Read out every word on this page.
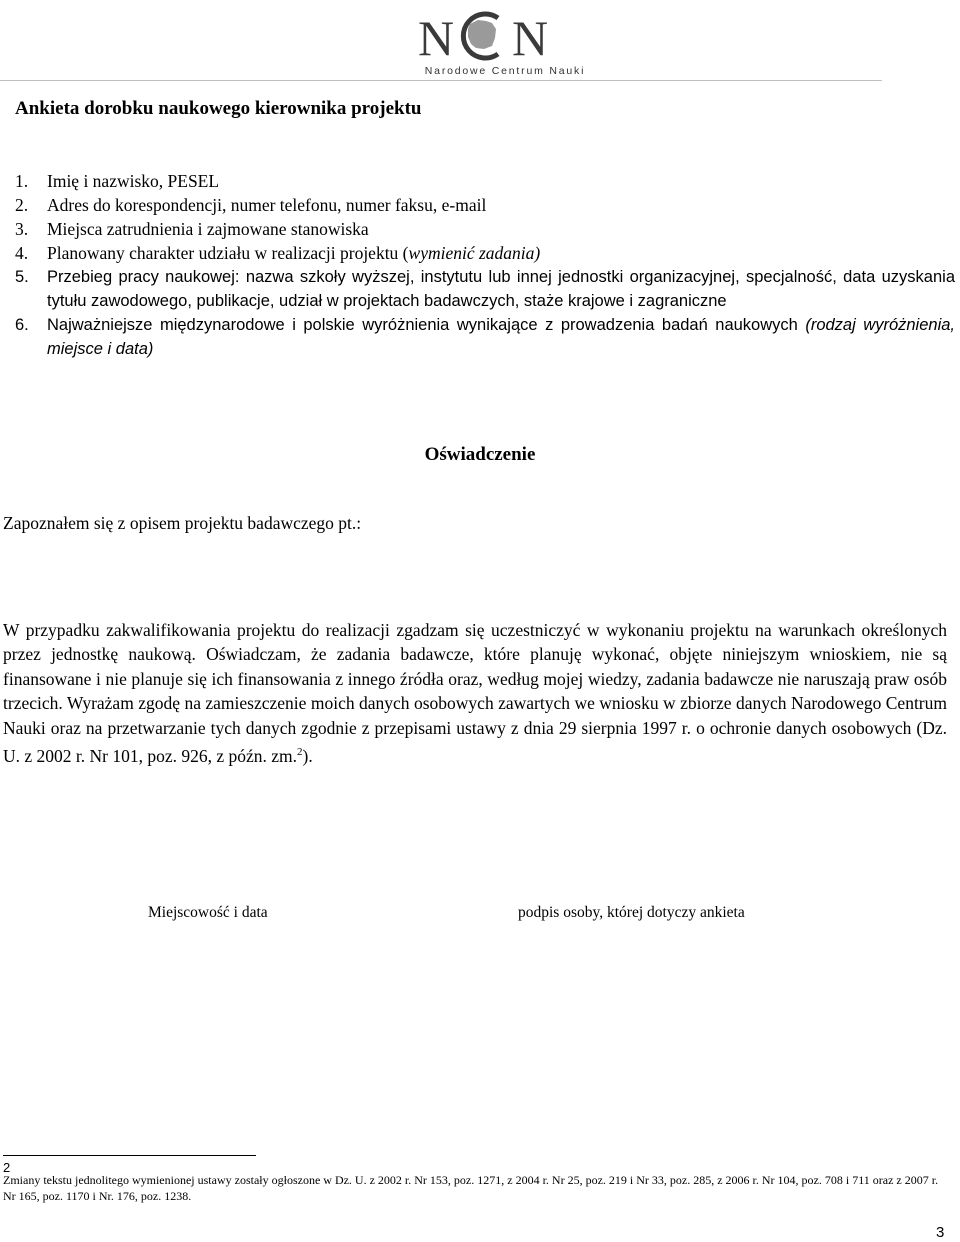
N N
Narodowe Centrum Nauki
Ankieta dorobku naukowego kierownika projektu
1. Imię i nazwisko, PESEL
2. Adres do korespondencji, numer telefonu, numer faksu, e-mail
3. Miejsca zatrudnienia i zajmowane stanowiska
4. Planowany charakter udziału w realizacji projektu (wymienić zadania)
5. Przebieg pracy naukowej: nazwa szkoły wyższej, instytutu lub innej jednostki organizacyjnej, specjalność, data uzyskania tytułu zawodowego, publikacje, udział w projektach badawczych, staże krajowe i zagraniczne
6. Najważniejsze międzynarodowe i polskie wyróżnienia wynikające z prowadzenia badań naukowych (rodzaj wyróżnienia, miejsce i data)
Oświadczenie
Zapoznałem się z opisem projektu badawczego pt.:
W przypadku zakwalifikowania projektu do realizacji zgadzam się uczestniczyć w wykonaniu projektu na warunkach określonych przez jednostkę naukową. Oświadczam, że zadania badawcze, które planuję wykonać, objęte niniejszym wnioskiem, nie są finansowane i nie planuje się ich finansowania z innego źródła oraz, według mojej wiedzy, zadania badawcze nie naruszają praw osób trzecich. Wyrażam zgodę na zamieszczenie moich danych osobowych zawartych we wniosku w zbiorze danych Narodowego Centrum Nauki oraz na przetwarzanie tych danych zgodnie z przepisami ustawy z dnia 29 sierpnia 1997 r. o ochronie danych osobowych (Dz. U. z 2002 r. Nr 101, poz. 926, z późn. zm.$^2$).
Miejscowość i data	podpis osoby, której dotyczy ankieta
2
Zmiany tekstu jednolitego wymienionej ustawy zostały ogłoszone w Dz. U. z 2002 r. Nr 153, poz. 1271, z 2004 r. Nr 25, poz. 219 i Nr 33, poz. 285, z 2006 r. Nr 104, poz. 708 i 711 oraz z 2007 r. Nr 165, poz. 1170 i Nr. 176, poz. 1238.
3
